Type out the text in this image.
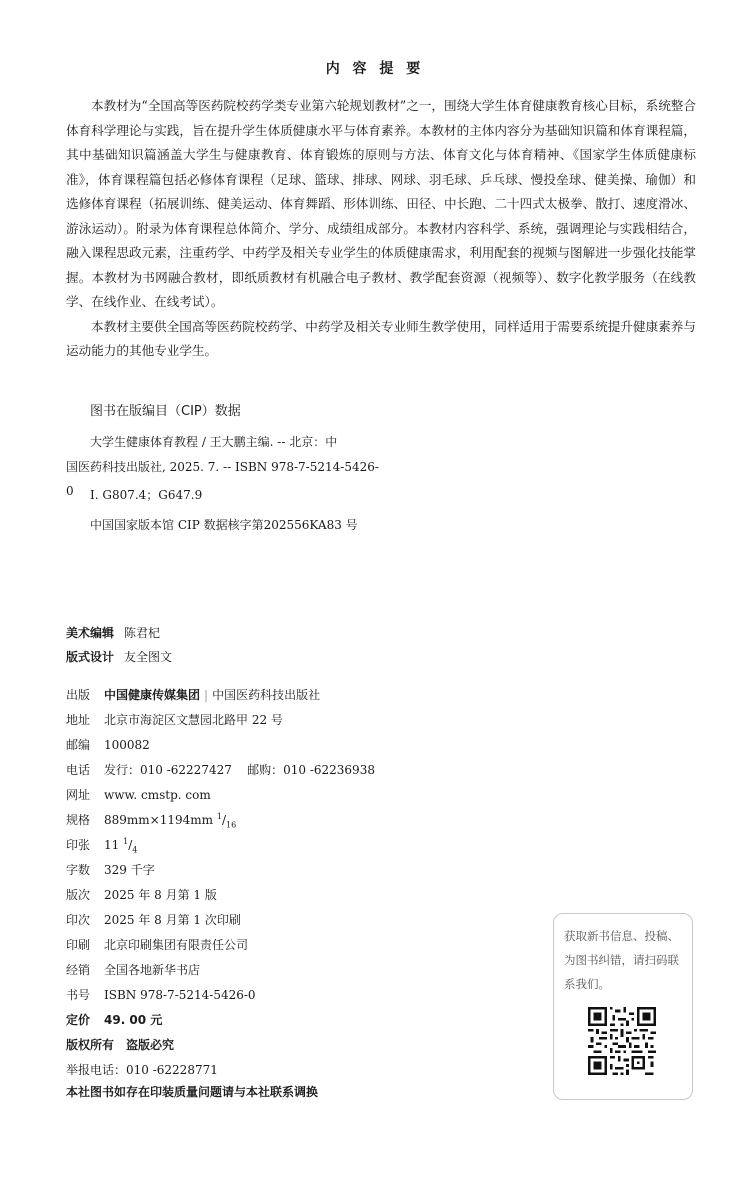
内 容 提 要

本教材为“全国高等医药院校药学类专业第六轮规划教材”之一，围绕大学生体育健康教育核心目标，系统整合体育科学理论与实践，旨在提升学生体质健康水平与体育素养。本教材的主体内容分为基础知识篇和体育课程篇，其中基础知识篇涵盖大学生与健康教育、体育锻炼的原则与方法、体育文化与体育精神、《国家学生体质健康标准》，体育课程篇包括必修体育课程（足球、篮球、排球、网球、羽毛球、乒乓球、慢投垒球、健美操、瑜伽）和选修体育课程（拓展训练、健美运动、体育舞蹈、形体训练、田径、中长跑、二十四式太极拳、散打、速度滑冰、游泳运动）。附录为体育课程总体简介、学分、成绩组成部分。本教材内容科学、系统，强调理论与实践相结合，融入课程思政元素，注重药学、中药学及相关专业学生的体质健康需求，利用配套的视频与图解进一步强化技能掌握。本教材为书网融合教材，即纸质教材有机融合电子教材、教学配套资源（视频等）、数字化教学服务（在线教学、在线作业、在线考试）。

本教材主要供全国高等医药院校药学、中药学及相关专业师生教学使用，同样适用于需要系统提升健康素养与运动能力的其他专业学生。

图书在版编目（CIP）数据
大学生健康体育教程 / 王大鹏主编. -- 北京：中
国医药科技出版社, 2025. 7. -- ISBN 978-7-5214-5426-0	Ⅰ. G807.4；G647.9
中国国家版本馆 CIP 数据核字第202556KA83 号
美术编辑 陈君杞
版式设计 友全图文
出版 中国健康传媒集团 | 中国医药科技出版社
地址 北京市海淀区文慧园北路甲 22 号
邮编 100082
电话 发行：010 -62227427    邮购：010 -62236938
网址 www. cmstp. com
规格 889mm×1194mm $^1/_{16}$
印张 11 $^1/_4$
字数 329 千字
版次 2025 年 8 月第 1 版
印次 2025 年 8 月第 1 次印刷
印刷 北京印刷集团有限责任公司
经销 全国各地新华书店
书号 ISBN 978-7-5214-5426-0
定价 49. 00 元
版权所有　盗版必究
举报电话：010 -62228771
本社图书如存在印装质量问题请与本社联系调换
获取新书信息、投稿、为图书纠错，请扫码联系我们。
